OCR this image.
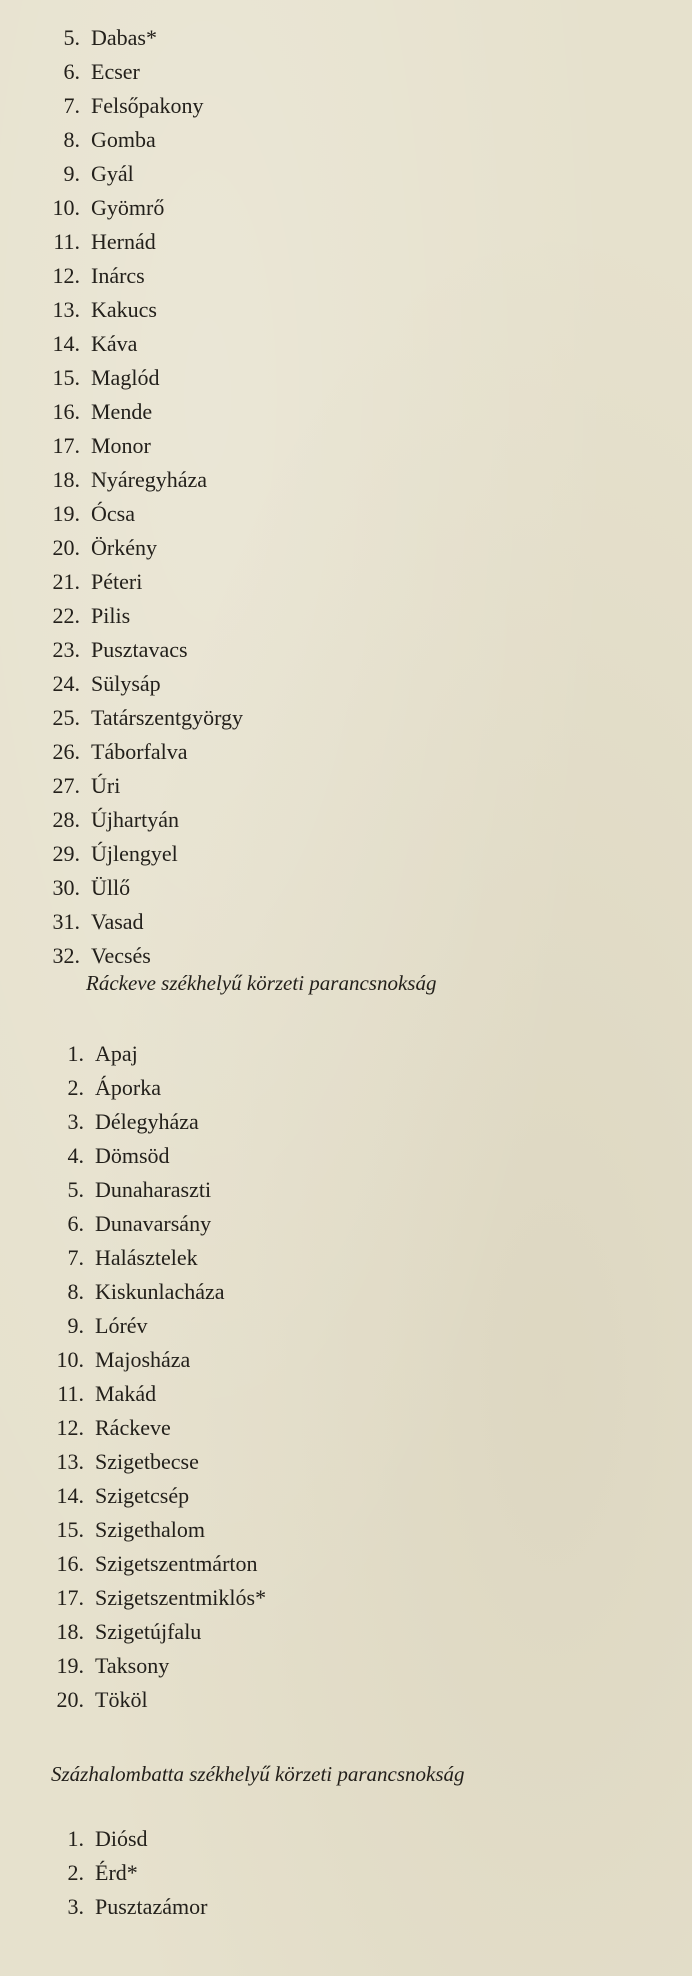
5. Dabas*
6. Ecser
7. Felsőpakony
8. Gomba
9. Gyál
10. Gyömrő
11. Hernád
12. Inárcs
13. Kakucs
14. Káva
15. Maglód
16. Mende
17. Monor
18. Nyáregyháza
19. Ócsa
20. Örkény
21. Péteri
22. Pilis
23. Pusztavacs
24. Sülysáp
25. Tatárszentgyörgy
26. Táborfalva
27. Úri
28. Újhartyán
29. Újlengyel
30. Üllő
31. Vasad
32. Vecsés
Ráckeve székhelyű körzeti parancsnokság
1. Apaj
2. Áporka
3. Délegyháza
4. Dömsöd
5. Dunaharaszti
6. Dunavarsány
7. Halásztelek
8. Kiskunlacháza
9. Lórév
10. Majosháza
11. Makád
12. Ráckeve
13. Szigetbecse
14. Szigetcsép
15. Szigethalom
16. Szigetszentmárton
17. Szigetszentmiklós*
18. Szigetújfalu
19. Taksony
20. Tököl
Százhalombatta székhelyű körzeti parancsnokság
1. Diósd
2. Érd*
3. Pusztazámor
